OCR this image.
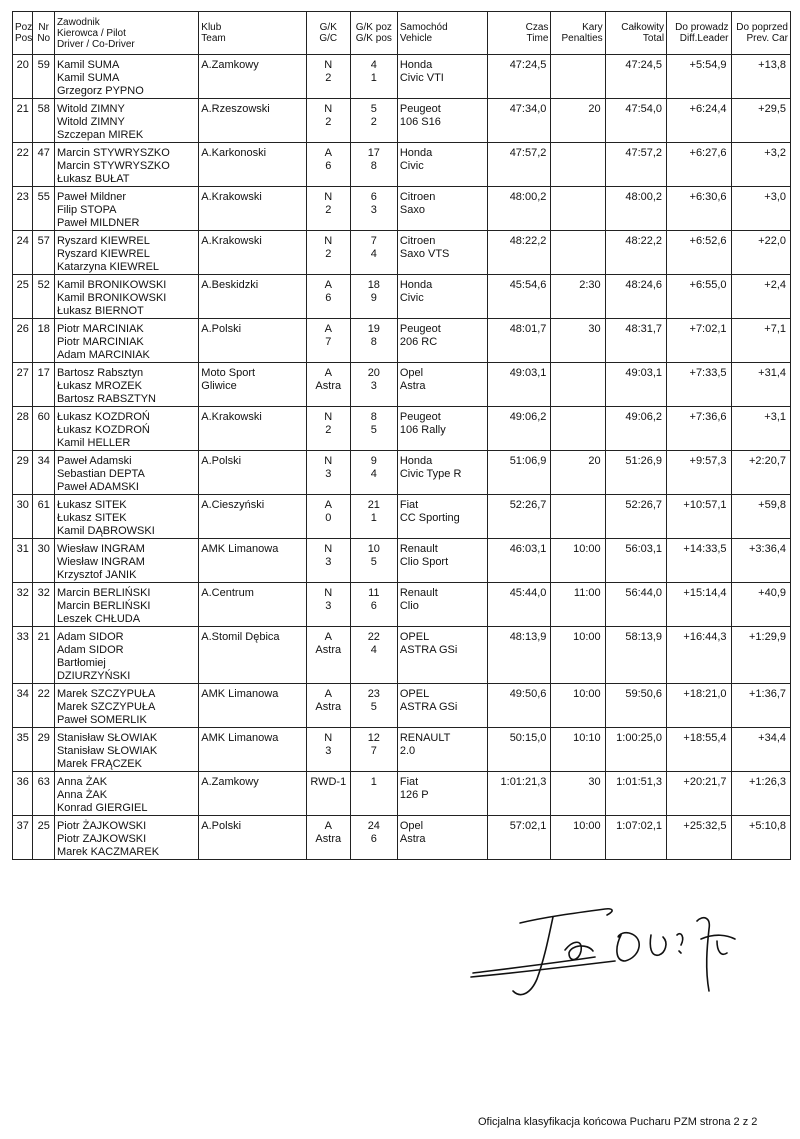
Poz
Pos	Nr
No	Zawodnik
Kierowca / Pilot
Driver / Co-Driver	Klub
Team	G/K
G/C	G/K poz
G/K pos	Samochód
Vehicle	Czas
Time	Kary
Penalties	Całkowity
Total	Do prowadz
Diff.Leader	Do poprzed
Prev. Car

20	59	Kamil SUMA
Kamil SUMA
Grzegorz PYPNO	A.Zamkowy	N
2	4
1	Honda
Civic VTI	47:24,5		47:24,5	+5:54,9	+13,8
21	58	Witold ZIMNY
Witold ZIMNY
Szczepan MIREK	A.Rzeszowski	N
2	5
2	Peugeot
106 S16	47:34,0	20	47:54,0	+6:24,4	+29,5
22	47	Marcin STYWRYSZKO
Marcin STYWRYSZKO
Łukasz BUŁAT	A.Karkonoski	A
6	17
8	Honda
Civic	47:57,2		47:57,2	+6:27,6	+3,2
23	55	Paweł Mildner
Filip STOPA
Paweł MILDNER	A.Krakowski	N
2	6
3	Citroen
Saxo	48:00,2		48:00,2	+6:30,6	+3,0
24	57	Ryszard KIEWREL
Ryszard KIEWREL
Katarzyna KIEWREL	A.Krakowski	N
2	7
4	Citroen
Saxo VTS	48:22,2		48:22,2	+6:52,6	+22,0
25	52	Kamil BRONIKOWSKI
Kamil BRONIKOWSKI
Łukasz BIERNOT	A.Beskidzki	A
6	18
9	Honda
Civic	45:54,6	2:30	48:24,6	+6:55,0	+2,4
26	18	Piotr MARCINIAK
Piotr MARCINIAK
Adam MARCINIAK	A.Polski	A
7	19
8	Peugeot
206 RC	48:01,7	30	48:31,7	+7:02,1	+7,1
27	17	Bartosz Rabsztyn
Łukasz MROZEK
Bartosz RABSZTYN	Moto Sport
Gliwice	A
Astra	20
3	Opel
Astra	49:03,1		49:03,1	+7:33,5	+31,4
28	60	Łukasz KOZDROŃ
Łukasz KOZDROŃ
Kamil HELLER	A.Krakowski	N
2	8
5	Peugeot
106 Rally	49:06,2		49:06,2	+7:36,6	+3,1
29	34	Paweł Adamski
Sebastian DEPTA
Paweł ADAMSKI	A.Polski	N
3	9
4	Honda
Civic Type R	51:06,9	20	51:26,9	+9:57,3	+2:20,7
30	61	Łukasz SITEK
Łukasz SITEK
Kamil DĄBROWSKI	A.Cieszyński	A
0	21
1	Fiat
CC Sporting	52:26,7		52:26,7	+10:57,1	+59,8
31	30	Wiesław INGRAM
Wiesław INGRAM
Krzysztof JANIK	AMK Limanowa	N
3	10
5	Renault
Clio Sport	46:03,1	10:00	56:03,1	+14:33,5	+3:36,4
32	32	Marcin BERLIŃSKI
Marcin BERLIŃSKI
Leszek CHŁUDA	A.Centrum	N
3	11
6	Renault
Clio	45:44,0	11:00	56:44,0	+15:14,4	+40,9
33	21	Adam SIDOR
Adam SIDOR
Bartłomiej
DZIURZYŃSKI	A.Stomil Dębica	A
Astra	22
4	OPEL
ASTRA GSi	48:13,9	10:00	58:13,9	+16:44,3	+1:29,9
34	22	Marek SZCZYPUŁA
Marek SZCZYPUŁA
Paweł SOMERLIK	AMK Limanowa	A
Astra	23
5	OPEL
ASTRA GSi	49:50,6	10:00	59:50,6	+18:21,0	+1:36,7
35	29	Stanisław SŁOWIAK
Stanisław SŁOWIAK
Marek FRĄCZEK	AMK Limanowa	N
3	12
7	RENAULT
2.0	50:15,0	10:10	1:00:25,0	+18:55,4	+34,4
36	63	Anna ŻAK
Anna ŻAK
Konrad GIERGIEL	A.Zamkowy	RWD-1	1	Fiat
126 P	1:01:21,3	30	1:01:51,3	+20:21,7	+1:26,3
37	25	Piotr ŻAJKOWSKI
Piotr ZAJKOWSKI
Marek KACZMAREK	A.Polski	A
Astra	24
6	Opel
Astra	57:02,1	10:00	1:07:02,1	+25:32,5	+5:10,8
Oficjalna klasyfikacja końcowa Pucharu PZM strona 2 z 2
